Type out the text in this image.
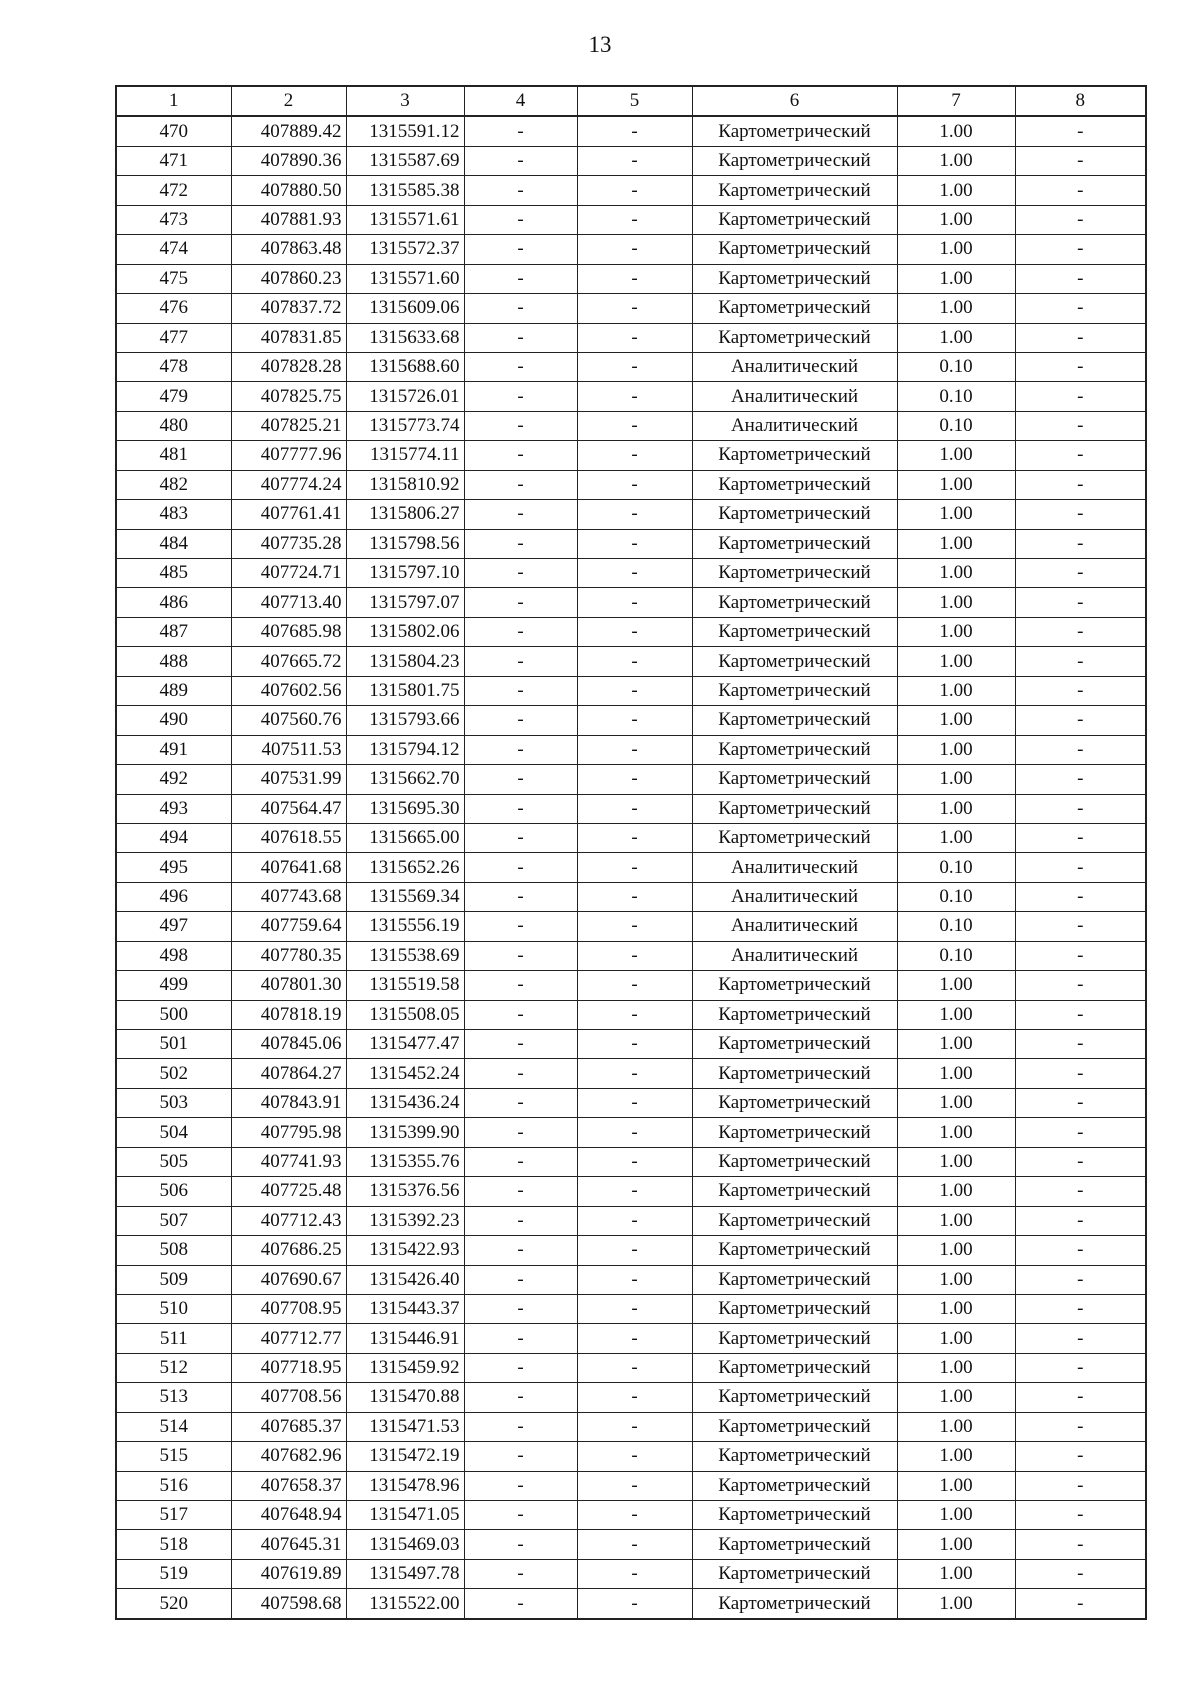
13
1	2	3	4	5	6	7	8
470	407889.42	1315591.12	-	-	Картометрический	1.00	-
471	407890.36	1315587.69	-	-	Картометрический	1.00	-
472	407880.50	1315585.38	-	-	Картометрический	1.00	-
473	407881.93	1315571.61	-	-	Картометрический	1.00	-
474	407863.48	1315572.37	-	-	Картометрический	1.00	-
475	407860.23	1315571.60	-	-	Картометрический	1.00	-
476	407837.72	1315609.06	-	-	Картометрический	1.00	-
477	407831.85	1315633.68	-	-	Картометрический	1.00	-
478	407828.28	1315688.60	-	-	Аналитический	0.10	-
479	407825.75	1315726.01	-	-	Аналитический	0.10	-
480	407825.21	1315773.74	-	-	Аналитический	0.10	-
481	407777.96	1315774.11	-	-	Картометрический	1.00	-
482	407774.24	1315810.92	-	-	Картометрический	1.00	-
483	407761.41	1315806.27	-	-	Картометрический	1.00	-
484	407735.28	1315798.56	-	-	Картометрический	1.00	-
485	407724.71	1315797.10	-	-	Картометрический	1.00	-
486	407713.40	1315797.07	-	-	Картометрический	1.00	-
487	407685.98	1315802.06	-	-	Картометрический	1.00	-
488	407665.72	1315804.23	-	-	Картометрический	1.00	-
489	407602.56	1315801.75	-	-	Картометрический	1.00	-
490	407560.76	1315793.66	-	-	Картометрический	1.00	-
491	407511.53	1315794.12	-	-	Картометрический	1.00	-
492	407531.99	1315662.70	-	-	Картометрический	1.00	-
493	407564.47	1315695.30	-	-	Картометрический	1.00	-
494	407618.55	1315665.00	-	-	Картометрический	1.00	-
495	407641.68	1315652.26	-	-	Аналитический	0.10	-
496	407743.68	1315569.34	-	-	Аналитический	0.10	-
497	407759.64	1315556.19	-	-	Аналитический	0.10	-
498	407780.35	1315538.69	-	-	Аналитический	0.10	-
499	407801.30	1315519.58	-	-	Картометрический	1.00	-
500	407818.19	1315508.05	-	-	Картометрический	1.00	-
501	407845.06	1315477.47	-	-	Картометрический	1.00	-
502	407864.27	1315452.24	-	-	Картометрический	1.00	-
503	407843.91	1315436.24	-	-	Картометрический	1.00	-
504	407795.98	1315399.90	-	-	Картометрический	1.00	-
505	407741.93	1315355.76	-	-	Картометрический	1.00	-
506	407725.48	1315376.56	-	-	Картометрический	1.00	-
507	407712.43	1315392.23	-	-	Картометрический	1.00	-
508	407686.25	1315422.93	-	-	Картометрический	1.00	-
509	407690.67	1315426.40	-	-	Картометрический	1.00	-
510	407708.95	1315443.37	-	-	Картометрический	1.00	-
511	407712.77	1315446.91	-	-	Картометрический	1.00	-
512	407718.95	1315459.92	-	-	Картометрический	1.00	-
513	407708.56	1315470.88	-	-	Картометрический	1.00	-
514	407685.37	1315471.53	-	-	Картометрический	1.00	-
515	407682.96	1315472.19	-	-	Картометрический	1.00	-
516	407658.37	1315478.96	-	-	Картометрический	1.00	-
517	407648.94	1315471.05	-	-	Картометрический	1.00	-
518	407645.31	1315469.03	-	-	Картометрический	1.00	-
519	407619.89	1315497.78	-	-	Картометрический	1.00	-
520	407598.68	1315522.00	-	-	Картометрический	1.00	-
